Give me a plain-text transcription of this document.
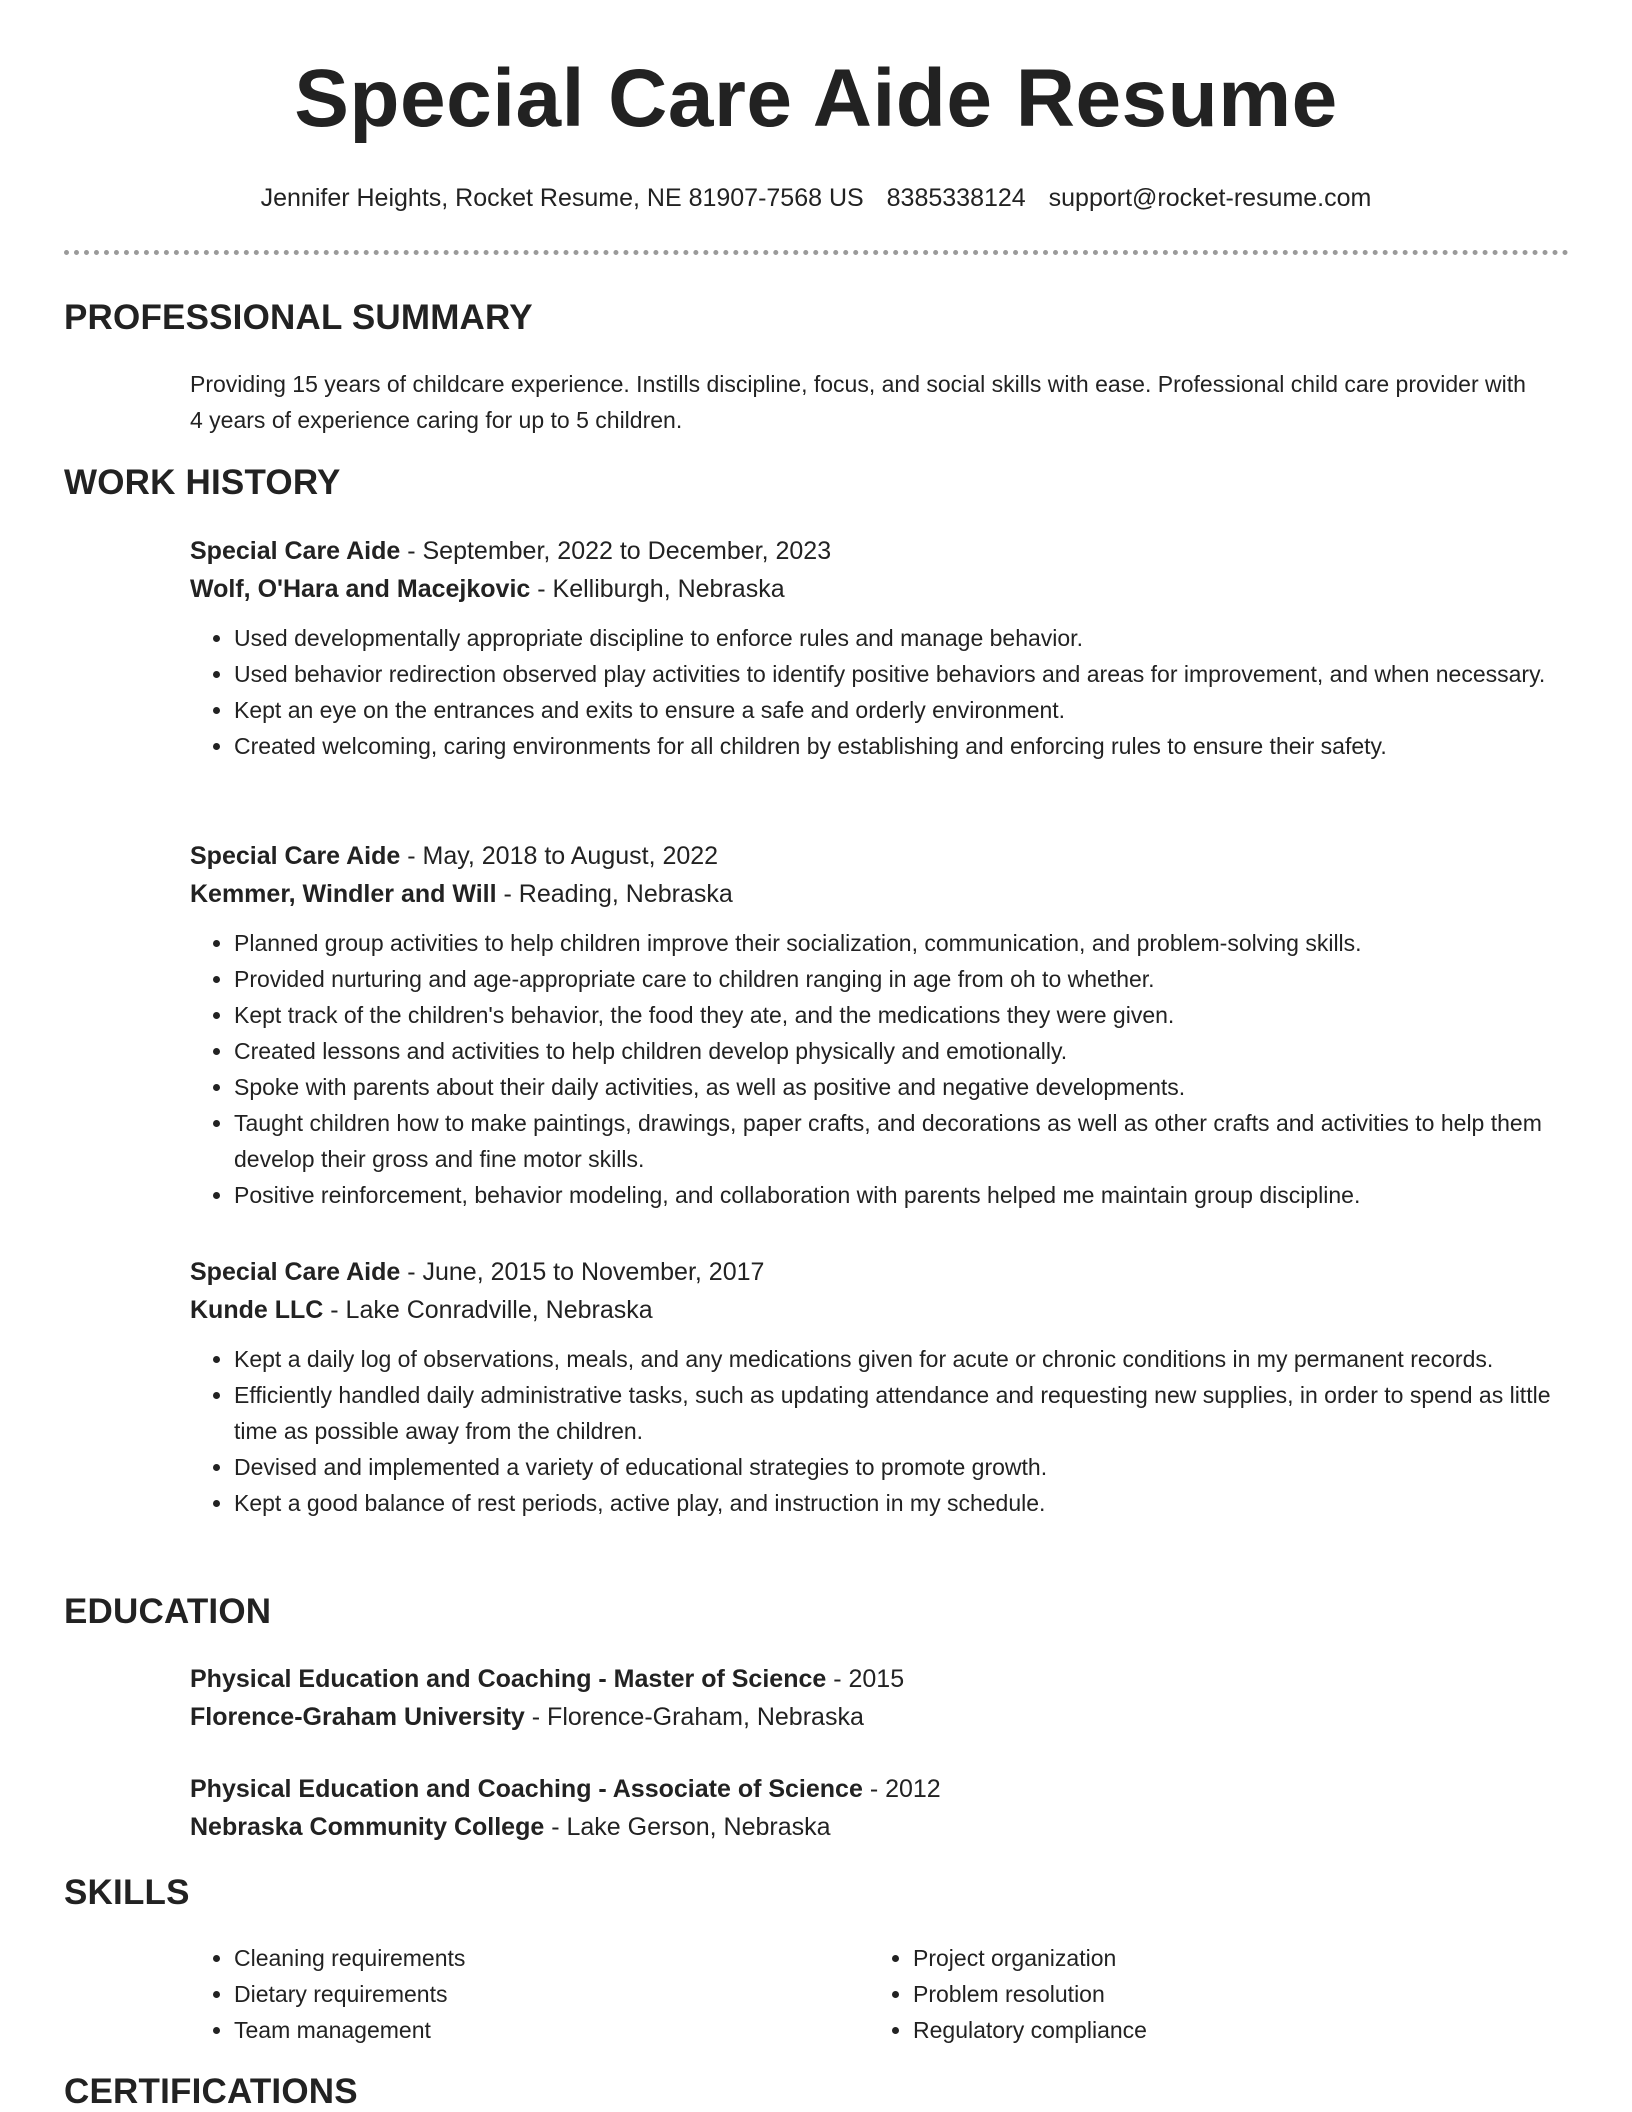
Special Care Aide Resume
Jennifer Heights, Rocket Resume, NE 81907-7568 US 8385338124 support@rocket-resume.com
PROFESSIONAL SUMMARY

Providing 15 years of childcare experience. Instills discipline, focus, and social skills with ease. Professional child care provider with 4 years of experience caring for up to 5 children.

WORK HISTORY
Special Care Aide - September, 2022 to December, 2023
Wolf, O'Hara and Macejkovic - Kelliburgh, Nebraska
• Used developmentally appropriate discipline to enforce rules and manage behavior.
• Used behavior redirection observed play activities to identify positive behaviors and areas for improvement, and when necessary.
• Kept an eye on the entrances and exits to ensure a safe and orderly environment.
• Created welcoming, caring environments for all children by establishing and enforcing rules to ensure their safety.
Special Care Aide - May, 2018 to August, 2022
Kemmer, Windler and Will - Reading, Nebraska
• Planned group activities to help children improve their socialization, communication, and problem-solving skills.
• Provided nurturing and age-appropriate care to children ranging in age from oh to whether.
• Kept track of the children's behavior, the food they ate, and the medications they were given.
• Created lessons and activities to help children develop physically and emotionally.
• Spoke with parents about their daily activities, as well as positive and negative developments.
• Taught children how to make paintings, drawings, paper crafts, and decorations as well as other crafts and activities to help them develop their gross and fine motor skills.
• Positive reinforcement, behavior modeling, and collaboration with parents helped me maintain group discipline.
Special Care Aide - June, 2015 to November, 2017
Kunde LLC - Lake Conradville, Nebraska
• Kept a daily log of observations, meals, and any medications given for acute or chronic conditions in my permanent records.
• Efficiently handled daily administrative tasks, such as updating attendance and requesting new supplies, in order to spend as little time as possible away from the children.
• Devised and implemented a variety of educational strategies to promote growth.
• Kept a good balance of rest periods, active play, and instruction in my schedule.
EDUCATION
Physical Education and Coaching - Master of Science - 2015
Florence-Graham University - Florence-Graham, Nebraska
Physical Education and Coaching - Associate of Science - 2012
Nebraska Community College - Lake Gerson, Nebraska
SKILLS
• Cleaning requirements
• Dietary requirements
• Team management
• Project organization
• Problem resolution
• Regulatory compliance
CERTIFICATIONS
